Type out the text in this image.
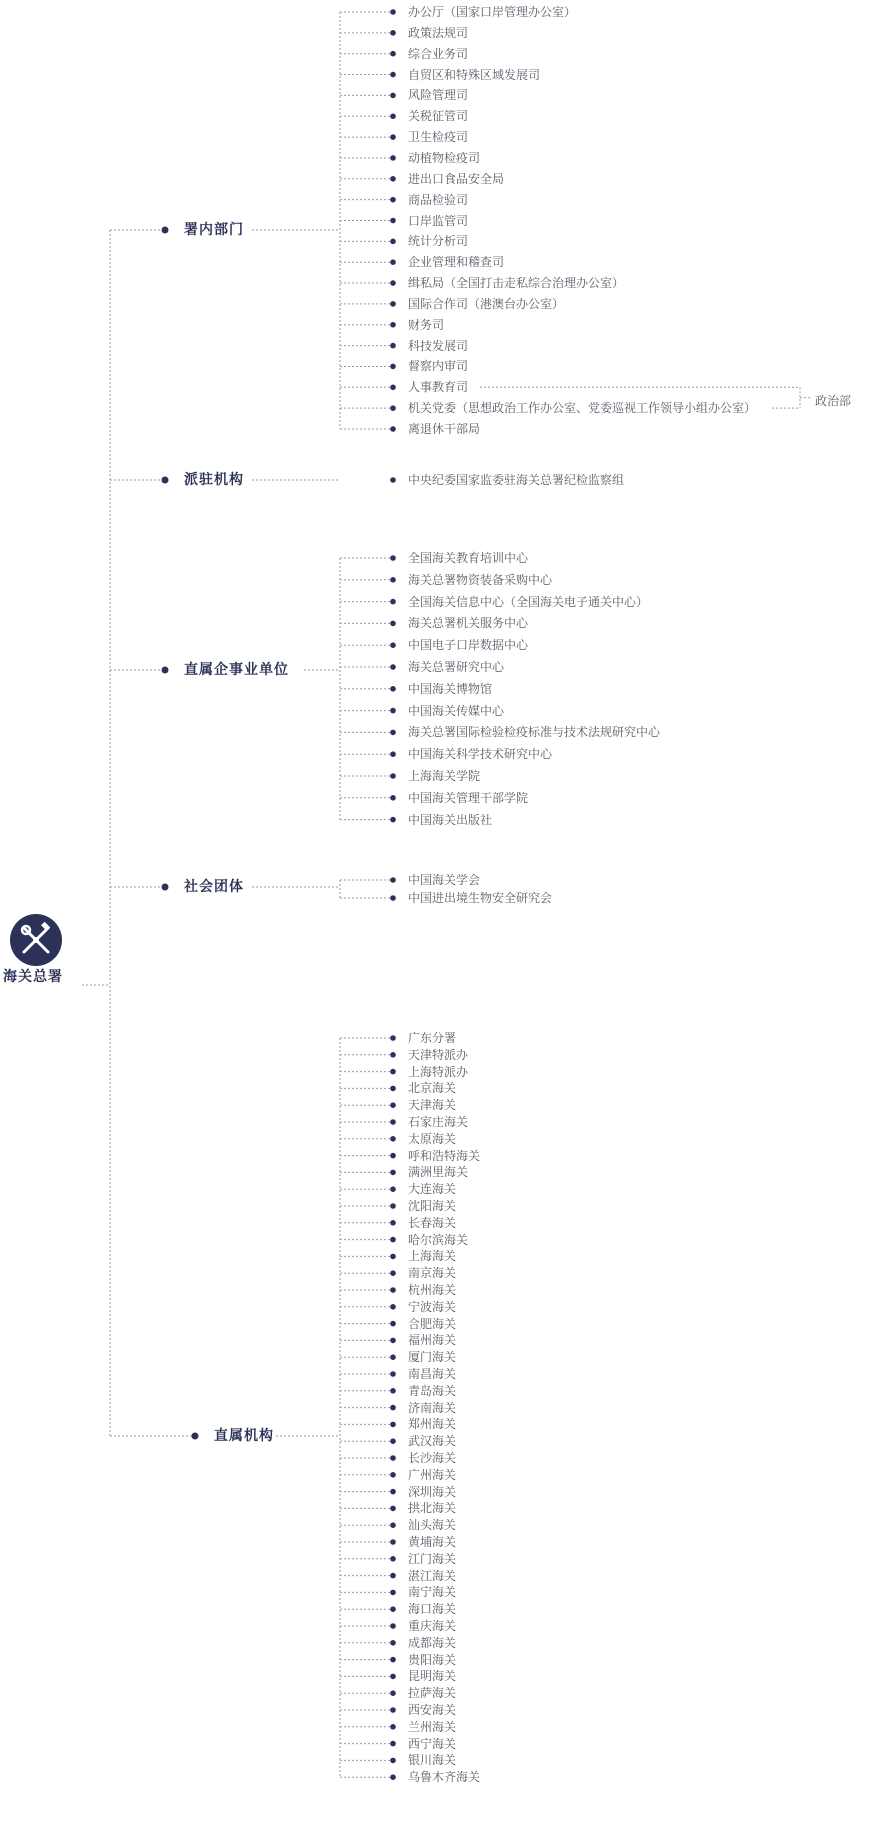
海关总署
署内部门
派驻机构
直属企事业单位
社会团体
直属机构
政治部
办公厅（国家口岸管理办公室）
政策法规司
综合业务司
自贸区和特殊区域发展司
风险管理司
关税征管司
卫生检疫司
动植物检疫司
进出口食品安全局
商品检验司
口岸监管司
统计分析司
企业管理和稽查司
缉私局（全国打击走私综合治理办公室）
国际合作司（港澳台办公室）
财务司
科技发展司
督察内审司
人事教育司
机关党委（思想政治工作办公室、党委巡视工作领导小组办公室）
离退休干部局
中央纪委国家监委驻海关总署纪检监察组
全国海关教育培训中心
海关总署物资装备采购中心
全国海关信息中心（全国海关电子通关中心）
海关总署机关服务中心
中国电子口岸数据中心
海关总署研究中心
中国海关博物馆
中国海关传媒中心
海关总署国际检验检疫标准与技术法规研究中心
中国海关科学技术研究中心
上海海关学院
中国海关管理干部学院
中国海关出版社
中国海关学会
中国进出境生物安全研究会
广东分署
天津特派办
上海特派办
北京海关
天津海关
石家庄海关
太原海关
呼和浩特海关
满洲里海关
大连海关
沈阳海关
长春海关
哈尔滨海关
上海海关
南京海关
杭州海关
宁波海关
合肥海关
福州海关
厦门海关
南昌海关
青岛海关
济南海关
郑州海关
武汉海关
长沙海关
广州海关
深圳海关
拱北海关
汕头海关
黄埔海关
江门海关
湛江海关
南宁海关
海口海关
重庆海关
成都海关
贵阳海关
昆明海关
拉萨海关
西安海关
兰州海关
西宁海关
银川海关
乌鲁木齐海关
